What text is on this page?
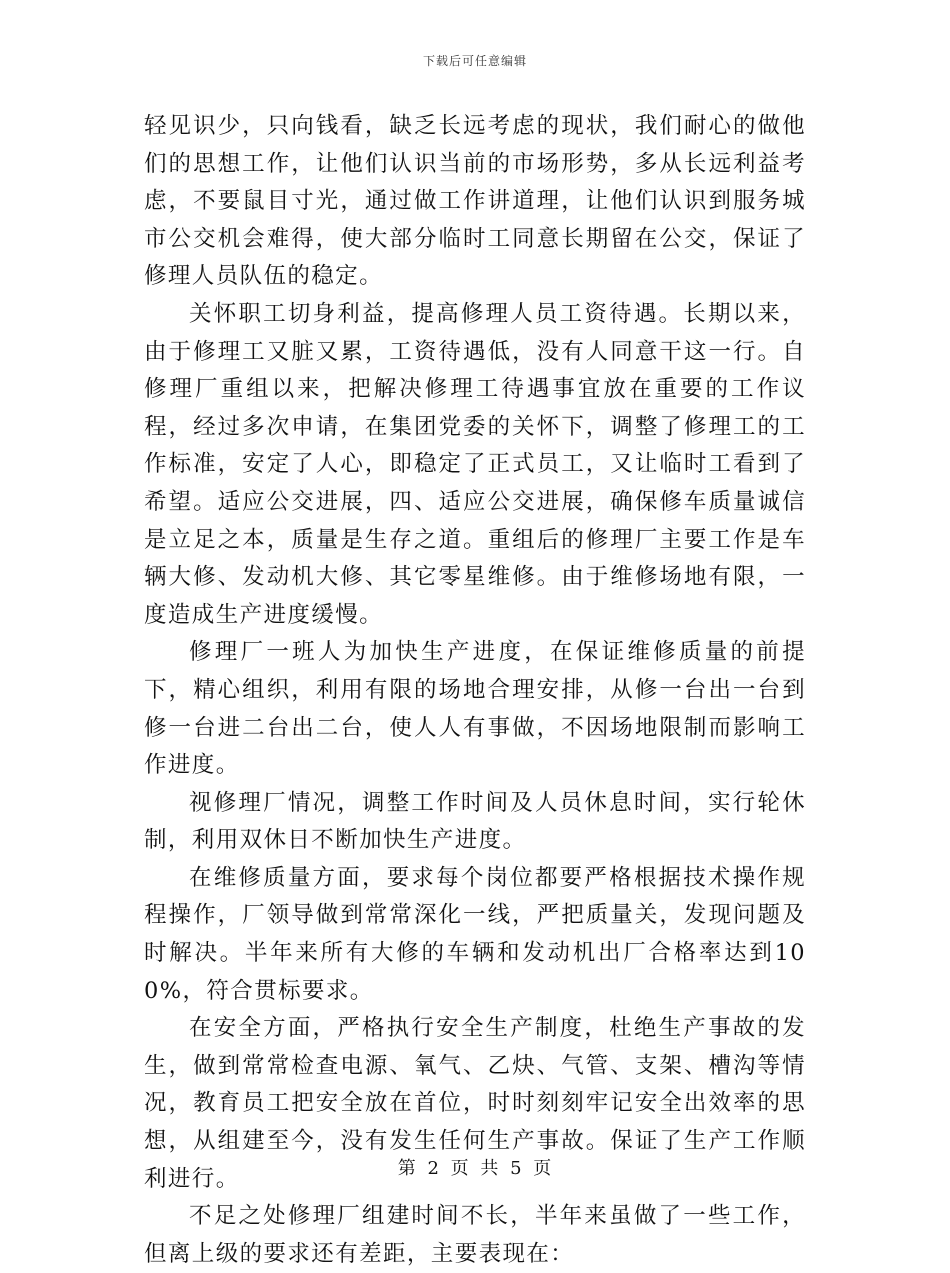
下载后可任意编辑

轻见识少，只向钱看，缺乏长远考虑的现状，我们耐心的做他们的思想工作，让他们认识当前的市场形势，多从长远利益考虑，不要鼠目寸光，通过做工作讲道理，让他们认识到服务城市公交机会难得，使大部分临时工同意长期留在公交，保证了修理人员队伍的稳定。

关怀职工切身利益，提高修理人员工资待遇。长期以来，由于修理工又脏又累，工资待遇低，没有人同意干这一行。自修理厂重组以来，把解决修理工待遇事宜放在重要的工作议程，经过多次申请，在集团党委的关怀下，调整了修理工的工作标准，安定了人心，即稳定了正式员工，又让临时工看到了希望。适应公交进展，四、适应公交进展，确保修车质量诚信是立足之本，质量是生存之道。重组后的修理厂主要工作是车辆大修、发动机大修、其它零星维修。由于维修场地有限，一度造成生产进度缓慢。

修理厂一班人为加快生产进度，在保证维修质量的前提下，精心组织，利用有限的场地合理安排，从修一台出一台到修一台进二台出二台，使人人有事做，不因场地限制而影响工作进度。

视修理厂情况，调整工作时间及人员休息时间，实行轮休制，利用双休日不断加快生产进度。

在维修质量方面，要求每个岗位都要严格根据技术操作规程操作，厂领导做到常常深化一线，严把质量关，发现问题及时解决。半年来所有大修的车辆和发动机出厂合格率达到100%，符合贯标要求。

在安全方面，严格执行安全生产制度，杜绝生产事故的发生，做到常常检查电源、氧气、乙炔、气管、支架、槽沟等情况，教育员工把安全放在首位，时时刻刻牢记安全出效率的思想，从组建至今，没有发生任何生产事故。保证了生产工作顺利进行。

不足之处修理厂组建时间不长，半年来虽做了一些工作，但离上级的要求还有差距，主要表现在：

第 2 页 共 5 页
